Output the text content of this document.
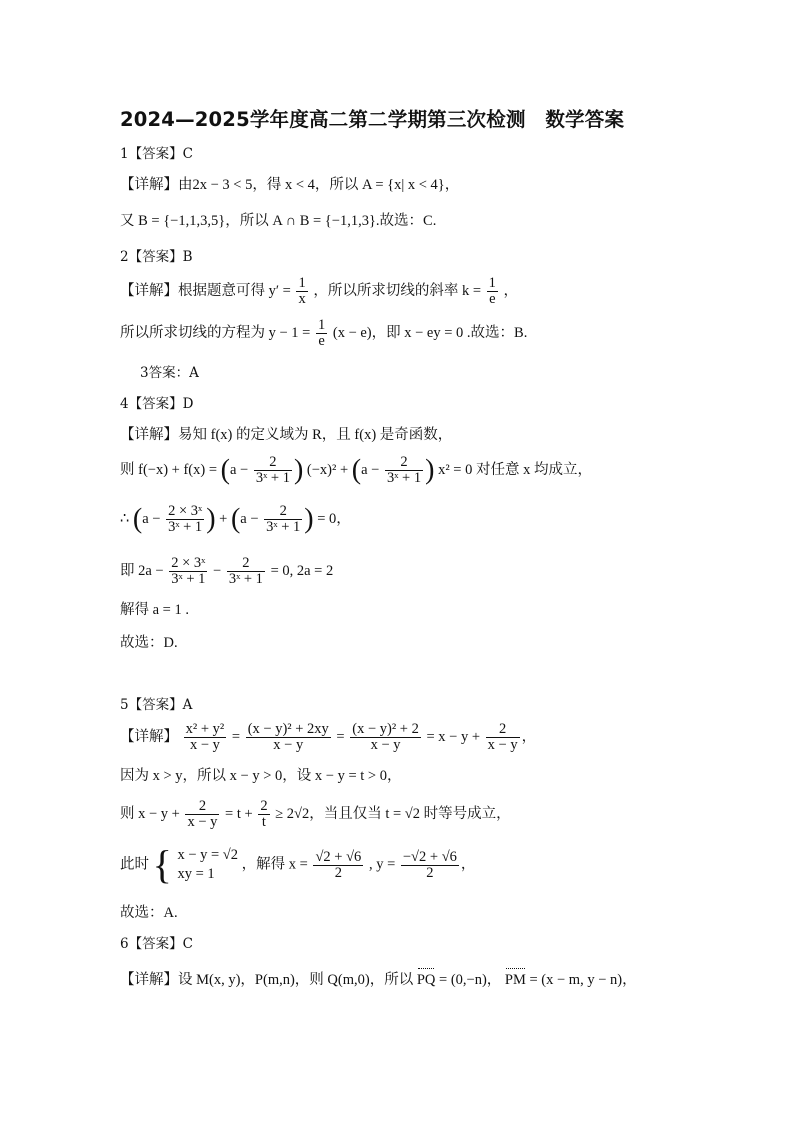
2024—2025学年度高二第二学期第三次检测　数学答案
1【答案】C
【详解】由2x − 3 < 5，得 x < 4，所以 A = {x| x < 4}，
又 B = {−1,1,3,5}，所以 A ∩ B = {−1,1,3}.故选：C.
2【答案】B
【详解】根据题意可得 $y' = \frac{1}{x}$ ，所以所求切线的斜率 $k = \frac{1}{e}$ ，
所以所求切线的方程为 $y - 1 = \frac{1}{e} (x - e)$，即 x − ey = 0 .故选：B.
3答案：A
4【答案】D
【详解】易知 f(x) 的定义域为 R，且 f(x) 是奇函数，
则 $f(-x) + f(x) = (a - \frac{2}{\text{3ˣ + 1}}$ ) $(-x)^2 + (a - \frac{2}{\text{3ˣ + 1}}$ ) x² = 0 对任意 x 均成立，
∴ ($a - \frac{\text{2 × 3ˣ}}{\text{3ˣ + 1}}$ ) + ($a - \frac{2}{\text{3ˣ + 1}}$ ) = 0，
即 $2a - \frac{\text{2 × 3ˣ}}{\text{3ˣ + 1}} - \frac{2}{\text{3ˣ + 1}} = 0$, 2a = 2
解得 a = 1 .
故选：D.
5【答案】A
【详解】 $\frac{\text{x² + y²}}{x - y} = \frac{\text{(x − y)² + 2xy}}{x - y} = \frac{\text{(x − y)² + 2}}{x - y} = x - y + \frac{2}{x - y}$ ，
因为 x > y，所以 x − y > 0，设 x − y = t > 0，
则 $x - y + \frac{2}{x - y} = t + \frac{2}{t} \ge 2√2$，当且仅当 t = √2 时等号成立，
此时 { x − y = √2
xy = 1
，解得 $x = \frac{√2 + √6}{2}$ , $y = \frac{-√2 + √6}{2}$ ，
故选：A.
6【答案】C
【详解】设 M(x, y)，P(m,n)，则 Q(m,0)，所以 PQ = (0,−n)， PM = (x − m, y − n)，
